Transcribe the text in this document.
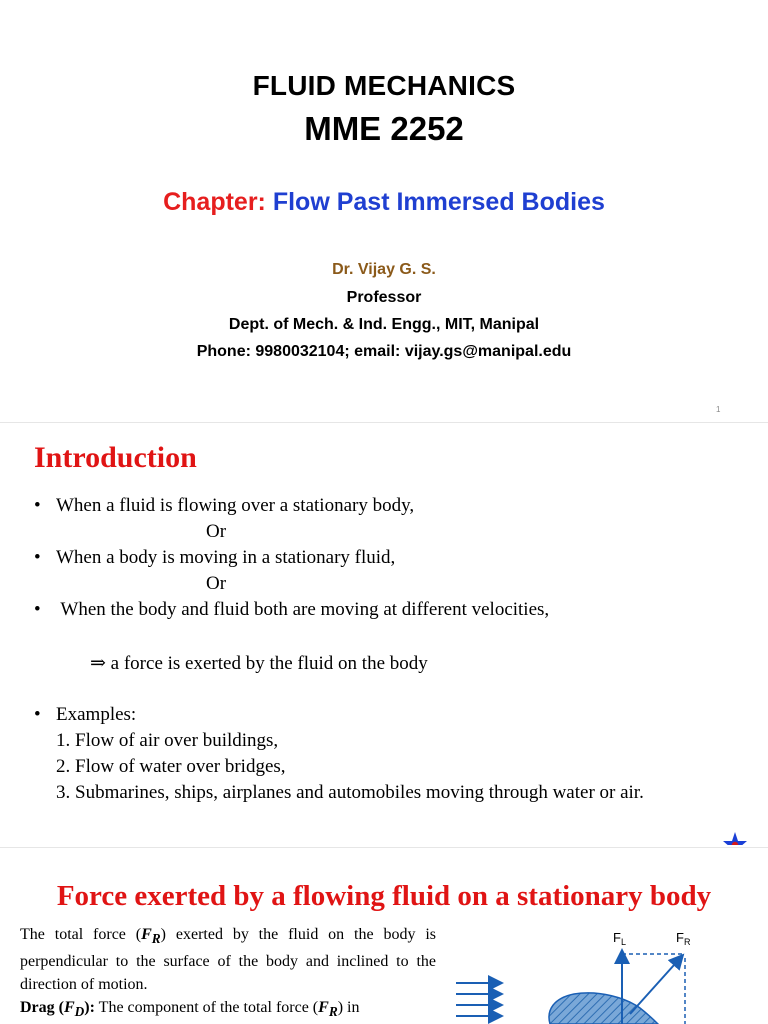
FLUID MECHANICS
MME 2252
Chapter: Flow Past Immersed Bodies
Dr. Vijay G. S.
Professor
Dept. of Mech. & Ind. Engg., MIT, Manipal
Phone: 9980032104; email: vijay.gs@manipal.edu
1
Introduction
• When a fluid is flowing over a stationary body,
Or
• When a body is moving in a stationary fluid,
Or
• When the body and fluid both are moving at different velocities,
⇒ a force is exerted by the fluid on the body
• Examples:
1. Flow of air over buildings,
2. Flow of water over bridges,
3. Submarines, ships, airplanes and automobiles moving through water or air.
Force exerted by a flowing fluid on a stationary body
The total force $(F_R)$ exerted by the fluid on the body is perpendicular to the surface of the body and inclined to the direction of motion.
Drag $(F_D)$: The component of the total force $(F_R)$ in
$F_L$	$F_R$
